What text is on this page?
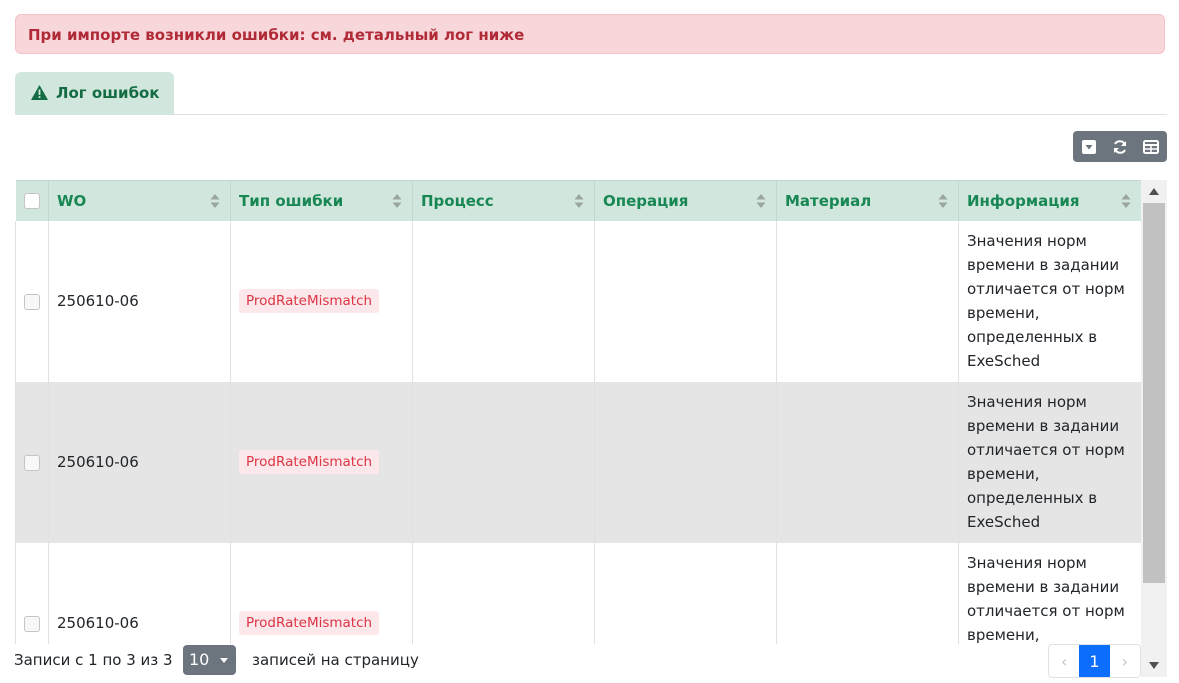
При импорте возникли ошибки: см. детальный лог ниже
Лог ошибок
	WO	Тип ошибки	Процесс	Операция	Материал	Информация

	250610-06	ProdRateMismatch				Значения норм времени в задании отличается от норм времени, определенных в ExeSched

	250610-06	ProdRateMismatch				Значения норм времени в задании отличается от норм времени, определенных в ExeSched

	250610-06	ProdRateMismatch				Значения норм времени в задании отличается от норм времени,
Записи с 1 по 3 из 3	10	записей на страницу	‹	1	›
